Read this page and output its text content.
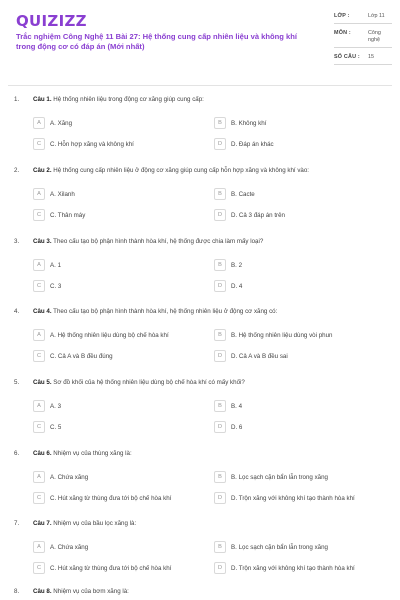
QUIZIZZ
Trắc nghiệm Công Nghệ 11 Bài 27: Hệ thống cung cấp nhiên liệu và không khí trong động cơ có đáp án (Mới nhất)
LỚP :	Lớp 11
MÔN :	Công nghệ
SỐ CÂU :	15
1. Câu 1. Hệ thống nhiên liệu trong động cơ xăng giúp cung cấp:
A	A. Xăng	B	B. Không khí
C	C. Hỗn hợp xăng và không khí	D	D. Đáp án khác
2. Câu 2. Hệ thống cung cấp nhiên liệu ở động cơ xăng giúp cung cấp hỗn hợp xăng và không khí vào:
A	A. Xilanh	B	B. Cacte
C	C. Thân máy	D	D. Cả 3 đáp án trên
3. Câu 3. Theo cấu tạo bộ phận hình thành hòa khí, hệ thống được chia làm mấy loại?
A	A. 1	B	B. 2
C	C. 3	D	D. 4
4. Câu 4. Theo cấu tạo bộ phận hình thành hòa khí, hệ thống nhiên liệu ở động cơ xăng có:
A	A. Hệ thống nhiên liệu dùng bộ chế hòa khí	B	B. Hệ thống nhiên liệu dùng vòi phun
C	C. Cả A và B đều đúng	D	D. Cả A và B đều sai
5. Câu 5. Sơ đồ khối của hệ thống nhiên liệu dùng bộ chế hòa khí có mấy khối?
A	A. 3	B	B. 4
C	C. 5	D	D. 6
6. Câu 6. Nhiệm vụ của thùng xăng là:
A	A. Chứa xăng	B	B. Lọc sạch cặn bẩn lẫn trong xăng
C	C. Hút xăng từ thùng đưa tới bộ chế hòa khí	D	D. Trộn xăng với không khí tạo thành hòa khí
7. Câu 7. Nhiệm vụ của bầu lọc xăng là:
A	A. Chứa xăng	B	B. Lọc sạch cặn bẩn lẫn trong xăng
C	C. Hút xăng từ thùng đưa tới bộ chế hòa khí	D	D. Trộn xăng với không khí tạo thành hòa khí
8. Câu 8. Nhiệm vụ của bơm xăng là:
